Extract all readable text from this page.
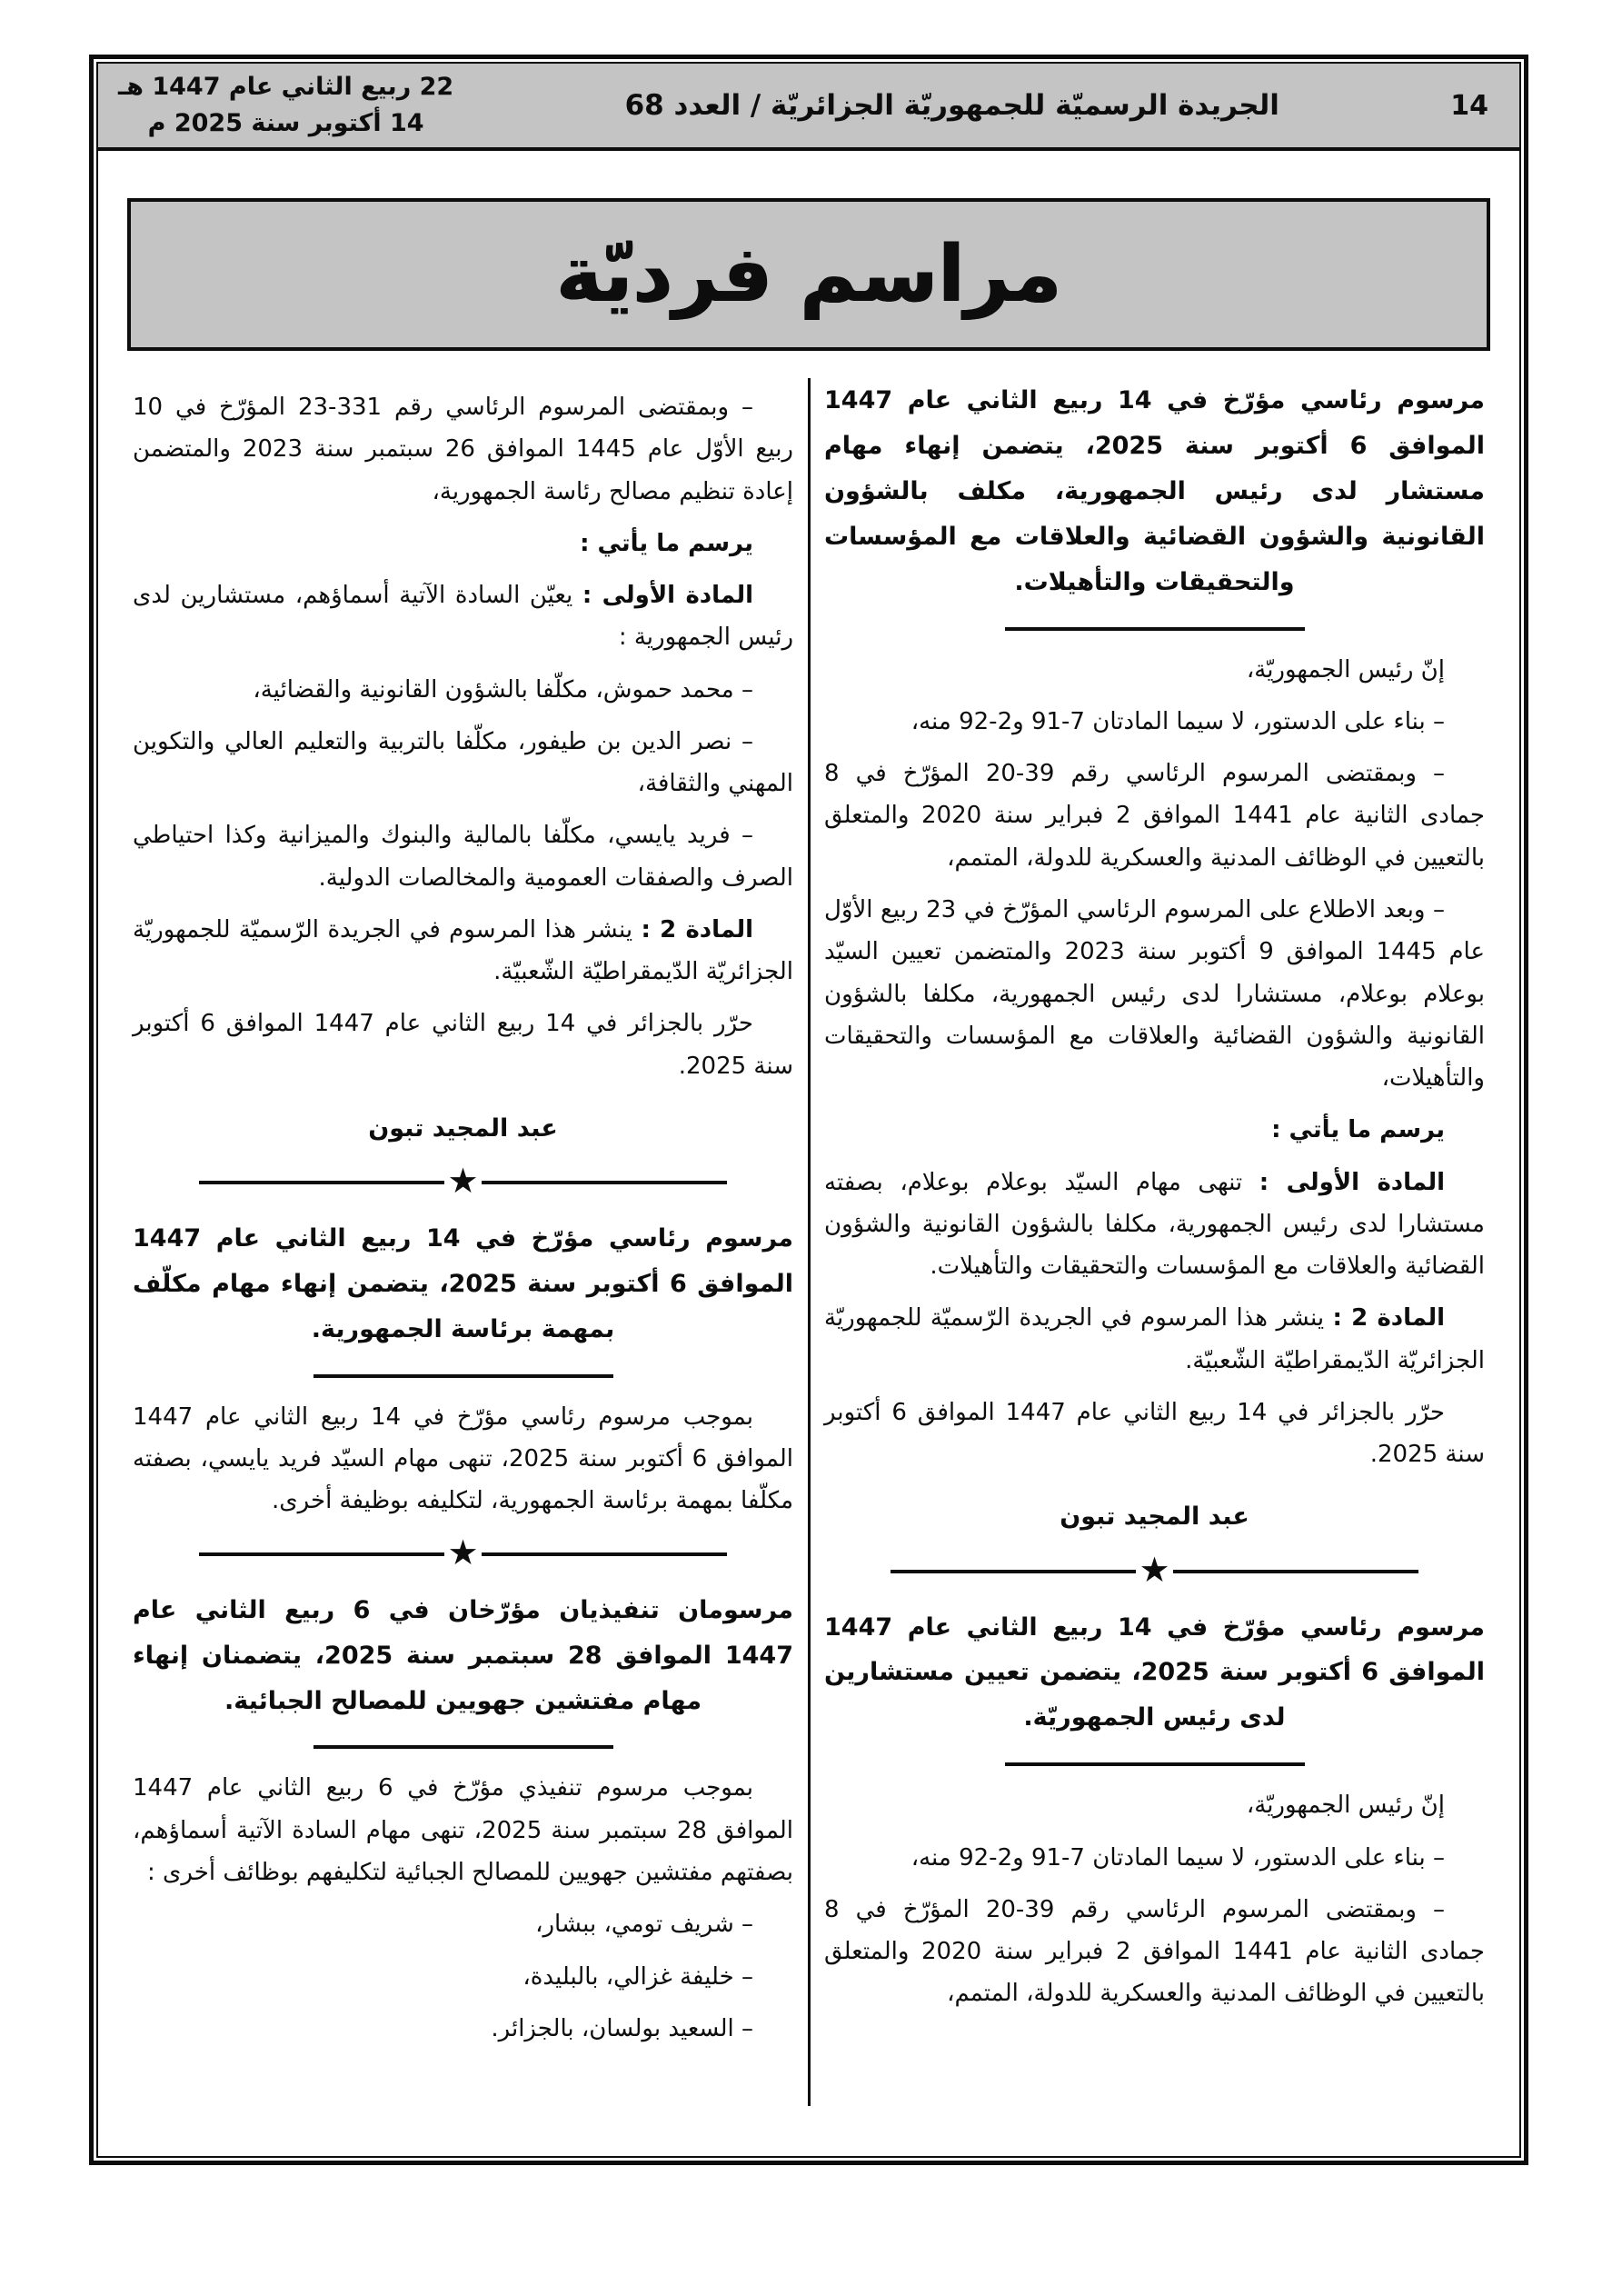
22 ربيع الثاني عام 1447 هـ
14 أكتوبر سنة 2025 م
الجريدة الرسميّة للجمهوريّة الجزائريّة / العدد 68	14
مراسم فرديّة
مرسوم رئاسي مؤرّخ في 14 ربيع الثاني عام 1447 الموافق 6 أكتوبر سنة 2025، يتضمن إنهاء مهام مستشار لدى رئيس الجمهورية، مكلف بالشؤون القانونية والشؤون القضائية والعلاقات مع المؤسسات والتحقيقات والتأهيلات.
إنّ رئيس الجمهوريّة،
– بناء على الدستور، لا سيما المادتان 7-91 و2-92 منه،
– وبمقتضى المرسوم الرئاسي رقم 39-20 المؤرّخ في 8 جمادى الثانية عام 1441 الموافق 2 فبراير سنة 2020 والمتعلق بالتعيين في الوظائف المدنية والعسكرية للدولة، المتمم،
– وبعد الاطلاع على المرسوم الرئاسي المؤرّخ في 23 ربيع الأوّل عام 1445 الموافق 9 أكتوبر سنة 2023 والمتضمن تعيين السيّد بوعلام بوعلام، مستشارا لدى رئيس الجمهورية، مكلفا بالشؤون القانونية والشؤون القضائية والعلاقات مع المؤسسات والتحقيقات والتأهيلات،
يرسم ما يأتي :
المادة الأولى : تنهى مهام السيّد بوعلام بوعلام، بصفته مستشارا لدى رئيس الجمهورية، مكلفا بالشؤون القانونية والشؤون القضائية والعلاقات مع المؤسسات والتحقيقات والتأهيلات.
المادة 2 : ينشر هذا المرسوم في الجريدة الرّسميّة للجمهوريّة الجزائريّة الدّيمقراطيّة الشّعبيّة.
حرّر بالجزائر في 14 ربيع الثاني عام 1447 الموافق 6 أكتوبر سنة 2025.
عبد المجيد تبون
★
مرسوم رئاسي مؤرّخ في 14 ربيع الثاني عام 1447 الموافق 6 أكتوبر سنة 2025، يتضمن تعيين مستشارين لدى رئيس الجمهوريّة.
إنّ رئيس الجمهوريّة،
– بناء على الدستور، لا سيما المادتان 7-91 و2-92 منه،
– وبمقتضى المرسوم الرئاسي رقم 39-20 المؤرّخ في 8 جمادى الثانية عام 1441 الموافق 2 فبراير سنة 2020 والمتعلق بالتعيين في الوظائف المدنية والعسكرية للدولة، المتمم،
– وبمقتضى المرسوم الرئاسي رقم 331-23 المؤرّخ في 10 ربيع الأوّل عام 1445 الموافق 26 سبتمبر سنة 2023 والمتضمن إعادة تنظيم مصالح رئاسة الجمهورية،
يرسم ما يأتي :
المادة الأولى : يعيّن السادة الآتية أسماؤهم، مستشارين لدى رئيس الجمهورية :
– محمد حموش، مكلّفا بالشؤون القانونية والقضائية،
– نصر الدين بن طيفور، مكلّفا بالتربية والتعليم العالي والتكوين المهني والثقافة،
– فريد يايسي، مكلّفا بالمالية والبنوك والميزانية وكذا احتياطي الصرف والصفقات العمومية والمخالصات الدولية.
المادة 2 : ينشر هذا المرسوم في الجريدة الرّسميّة للجمهوريّة الجزائريّة الدّيمقراطيّة الشّعبيّة.
حرّر بالجزائر في 14 ربيع الثاني عام 1447 الموافق 6 أكتوبر سنة 2025.
عبد المجيد تبون
★
مرسوم رئاسي مؤرّخ في 14 ربيع الثاني عام 1447 الموافق 6 أكتوبر سنة 2025، يتضمن إنهاء مهام مكلّف بمهمة برئاسة الجمهورية.
بموجب مرسوم رئاسي مؤرّخ في 14 ربيع الثاني عام 1447 الموافق 6 أكتوبر سنة 2025، تنهى مهام السيّد فريد يايسي، بصفته مكلّفا بمهمة برئاسة الجمهورية، لتكليفه بوظيفة أخرى.
★
مرسومان تنفيذيان مؤرّخان في 6 ربيع الثاني عام 1447 الموافق 28 سبتمبر سنة 2025، يتضمنان إنهاء مهام مفتشين جهويين للمصالح الجبائية.
بموجب مرسوم تنفيذي مؤرّخ في 6 ربيع الثاني عام 1447 الموافق 28 سبتمبر سنة 2025، تنهى مهام السادة الآتية أسماؤهم، بصفتهم مفتشين جهويين للمصالح الجبائية لتكليفهم بوظائف أخرى :
– شريف تومي، ببشار،
– خليفة غزالي، بالبليدة،
– السعيد بولسان، بالجزائر.
